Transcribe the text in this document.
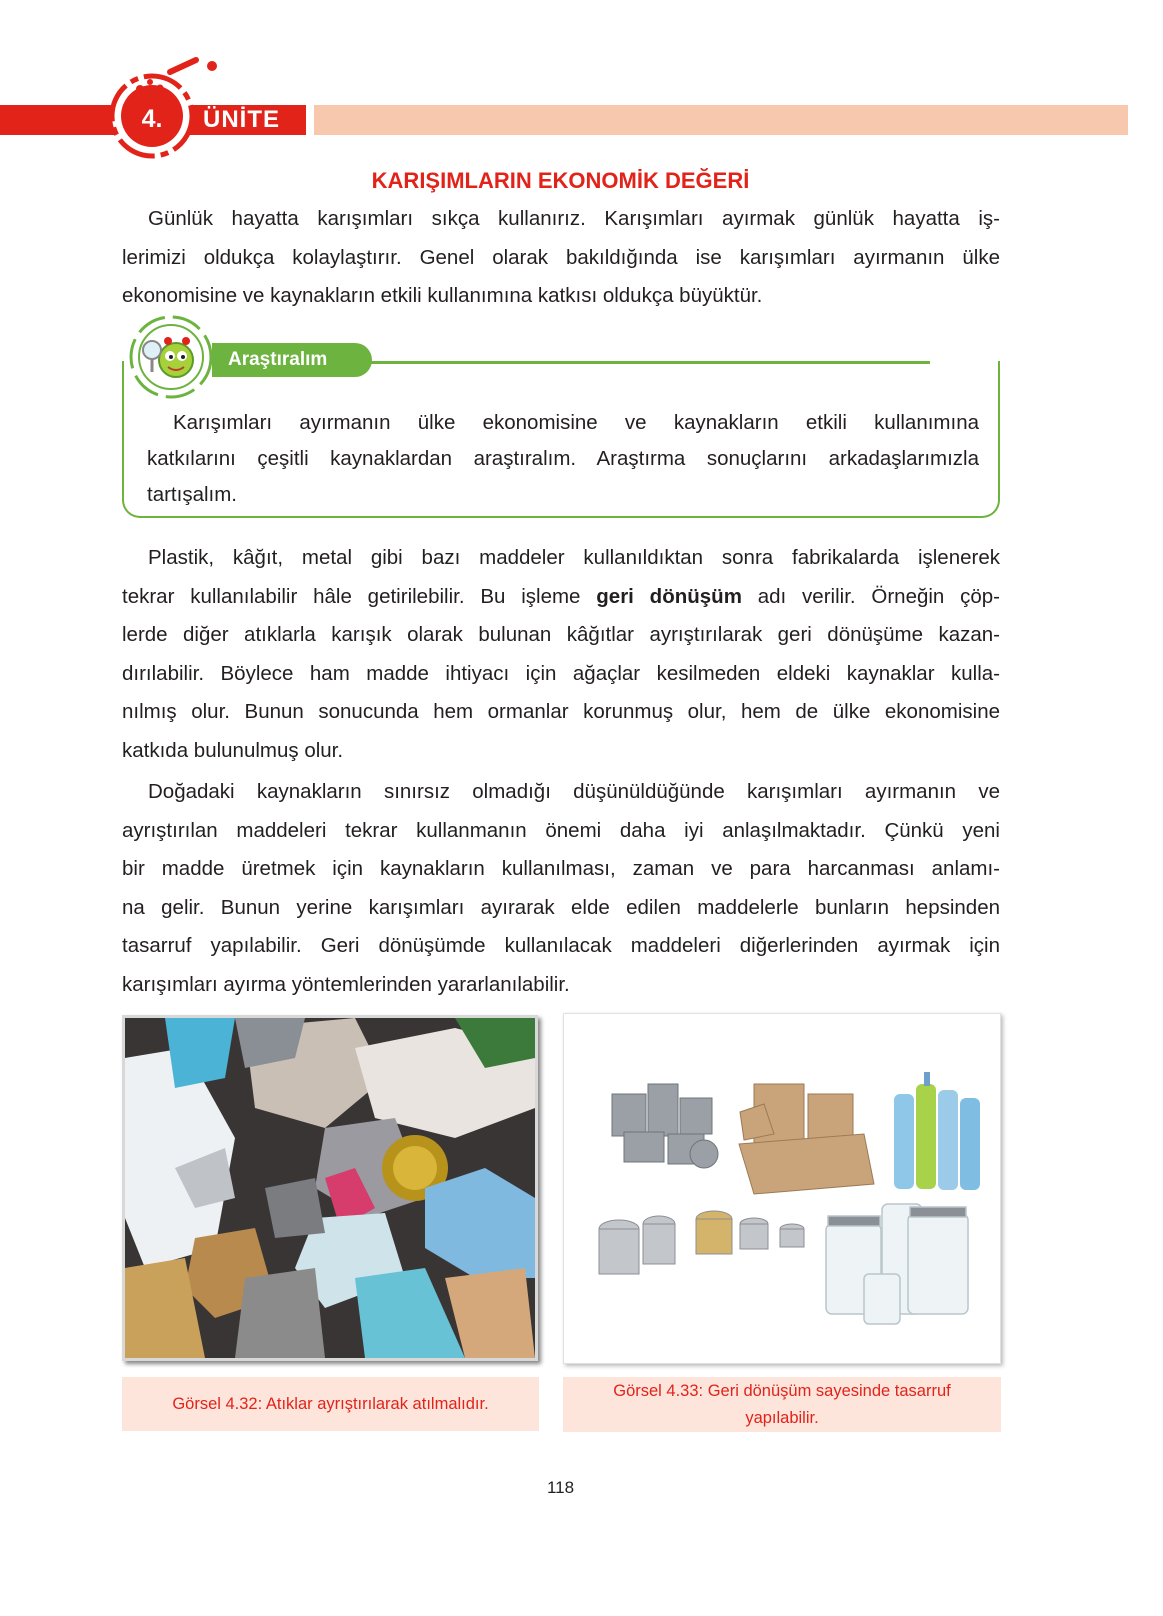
4. ÜNİTE
KARIŞIMLARIN EKONOMİK DEĞERİ
Günlük hayatta karışımları sıkça kullanırız. Karışımları ayırmak günlük hayatta iş-
lerimizi oldukça kolaylaştırır. Genel olarak bakıldığında ise karışımları ayırmanın ülke
ekonomisine ve kaynakların etkili kullanımına katkısı oldukça büyüktür.
Araştıralım
Karışımları ayırmanın ülke ekonomisine ve kaynakların etkili kullanımına
katkılarını çeşitli kaynaklardan araştıralım. Araştırma sonuçlarını arkadaşlarımızla
tartışalım.
Plastik, kâğıt, metal gibi bazı maddeler kullanıldıktan sonra fabrikalarda işlenerek
tekrar kullanılabilir hâle getirilebilir. Bu işleme geri dönüşüm adı verilir. Örneğin çöp-
lerde diğer atıklarla karışık olarak bulunan kâğıtlar ayrıştırılarak geri dönüşüme kazan-
dırılabilir. Böylece ham madde ihtiyacı için ağaçlar kesilmeden eldeki kaynaklar kulla-
nılmış olur. Bunun sonucunda hem ormanlar korunmuş olur, hem de ülke ekonomisine
katkıda bulunulmuş olur.
Doğadaki kaynakların sınırsız olmadığı düşünüldüğünde karışımları ayırmanın ve
ayrıştırılan maddeleri tekrar kullanmanın önemi daha iyi anlaşılmaktadır. Çünkü yeni
bir madde üretmek için kaynakların kullanılması, zaman ve para harcanması anlamı-
na gelir. Bunun yerine karışımları ayırarak elde edilen maddelerle bunların hepsinden
tasarruf yapılabilir. Geri dönüşümde kullanılacak maddeleri diğerlerinden ayırmak için
karışımları ayırma yöntemlerinden yararlanılabilir.
Görsel 4.32: Atıklar ayrıştırılarak atılmalıdır.
Görsel 4.33: Geri dönüşüm sayesinde tasarruf
yapılabilir.
118
